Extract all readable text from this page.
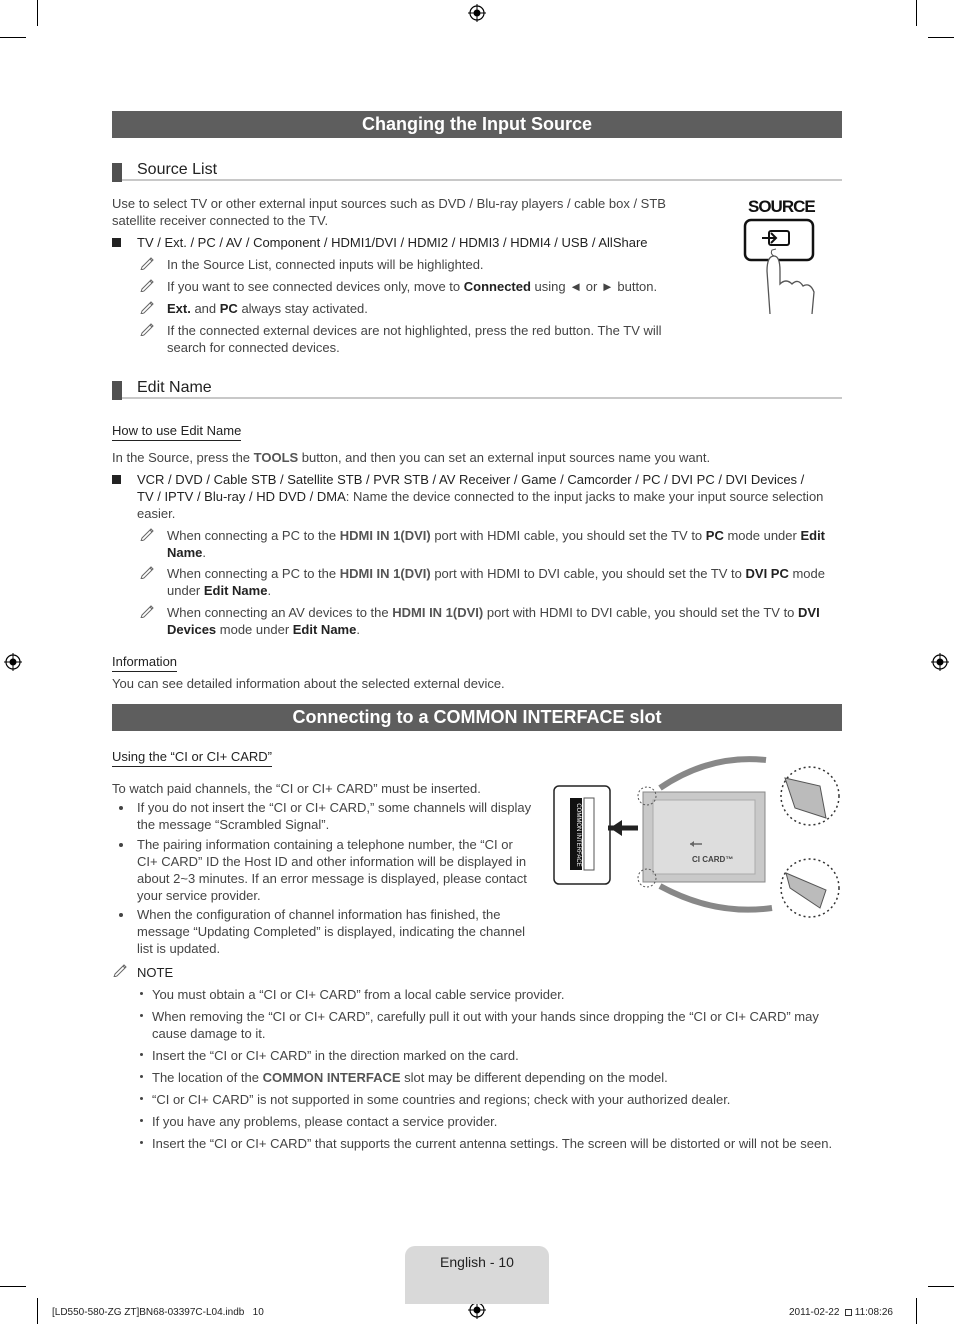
Changing the Input Source
Source List
Use to select TV or other external input sources such as DVD / Blu-ray players / cable box / STB satellite receiver connected to the TV.
TV / Ext. / PC / AV / Component / HDMI1/DVI / HDMI2 / HDMI3 / HDMI4 / USB / AllShare
In the Source List, connected inputs will be highlighted.
If you want to see connected devices only, move to Connected using ◄ or ► button.
Ext. and PC always stay activated.
If the connected external devices are not highlighted, press the red button. The TV will search for connected devices.
SOURCE
Edit Name
How to use Edit Name
In the Source, press the TOOLS button, and then you can set an external input sources name you want.
VCR / DVD / Cable STB / Satellite STB / PVR STB / AV Receiver / Game / Camcorder / PC / DVI PC / DVI Devices /
TV / IPTV / Blu-ray / HD DVD / DMA: Name the device connected to the input jacks to make your input source selection
easier.
When connecting a PC to the HDMI IN 1(DVI) port with HDMI cable, you should set the TV to PC mode under Edit
Name.
When connecting a PC to the HDMI IN 1(DVI) port with HDMI to DVI cable, you should set the TV to DVI PC mode
under Edit Name.
When connecting an AV devices to the HDMI IN 1(DVI) port with HDMI to DVI cable, you should set the TV to DVI
Devices mode under Edit Name.
Information
You can see detailed information about the selected external device.
Connecting to a COMMON INTERFACE slot
Using the “CI or CI+ CARD”
To watch paid channels, the “CI or CI+ CARD” must be inserted.
If you do not insert the “CI or CI+ CARD,” some channels will display
the message “Scrambled Signal”.
The pairing information containing a telephone number, the “CI or
CI+ CARD” ID the Host ID and other information will be displayed in
about 2~3 minutes. If an error message is displayed, please contact
your service provider.
When the configuration of channel information has finished, the
message “Updating Completed” is displayed, indicating the channel
list is updated.
CI CARD™
COMMON INTERFACE
NOTE
You must obtain a “CI or CI+ CARD” from a local cable service provider.
When removing the “CI or CI+ CARD”, carefully pull it out with your hands since dropping the “CI or CI+ CARD” may
cause damage to it.
Insert the “CI or CI+ CARD” in the direction marked on the card.
The location of the COMMON INTERFACE slot may be different depending on the model.
“CI or CI+ CARD” is not supported in some countries and regions; check with your authorized dealer.
If you have any problems, please contact a service provider.
Insert the “CI or CI+ CARD” that supports the current antenna settings. The screen will be distorted or will not be seen.
English - 10
[LD550-580-ZG ZT]BN68-03397C-L04.indb   10	2011-02-22 11:08:26
